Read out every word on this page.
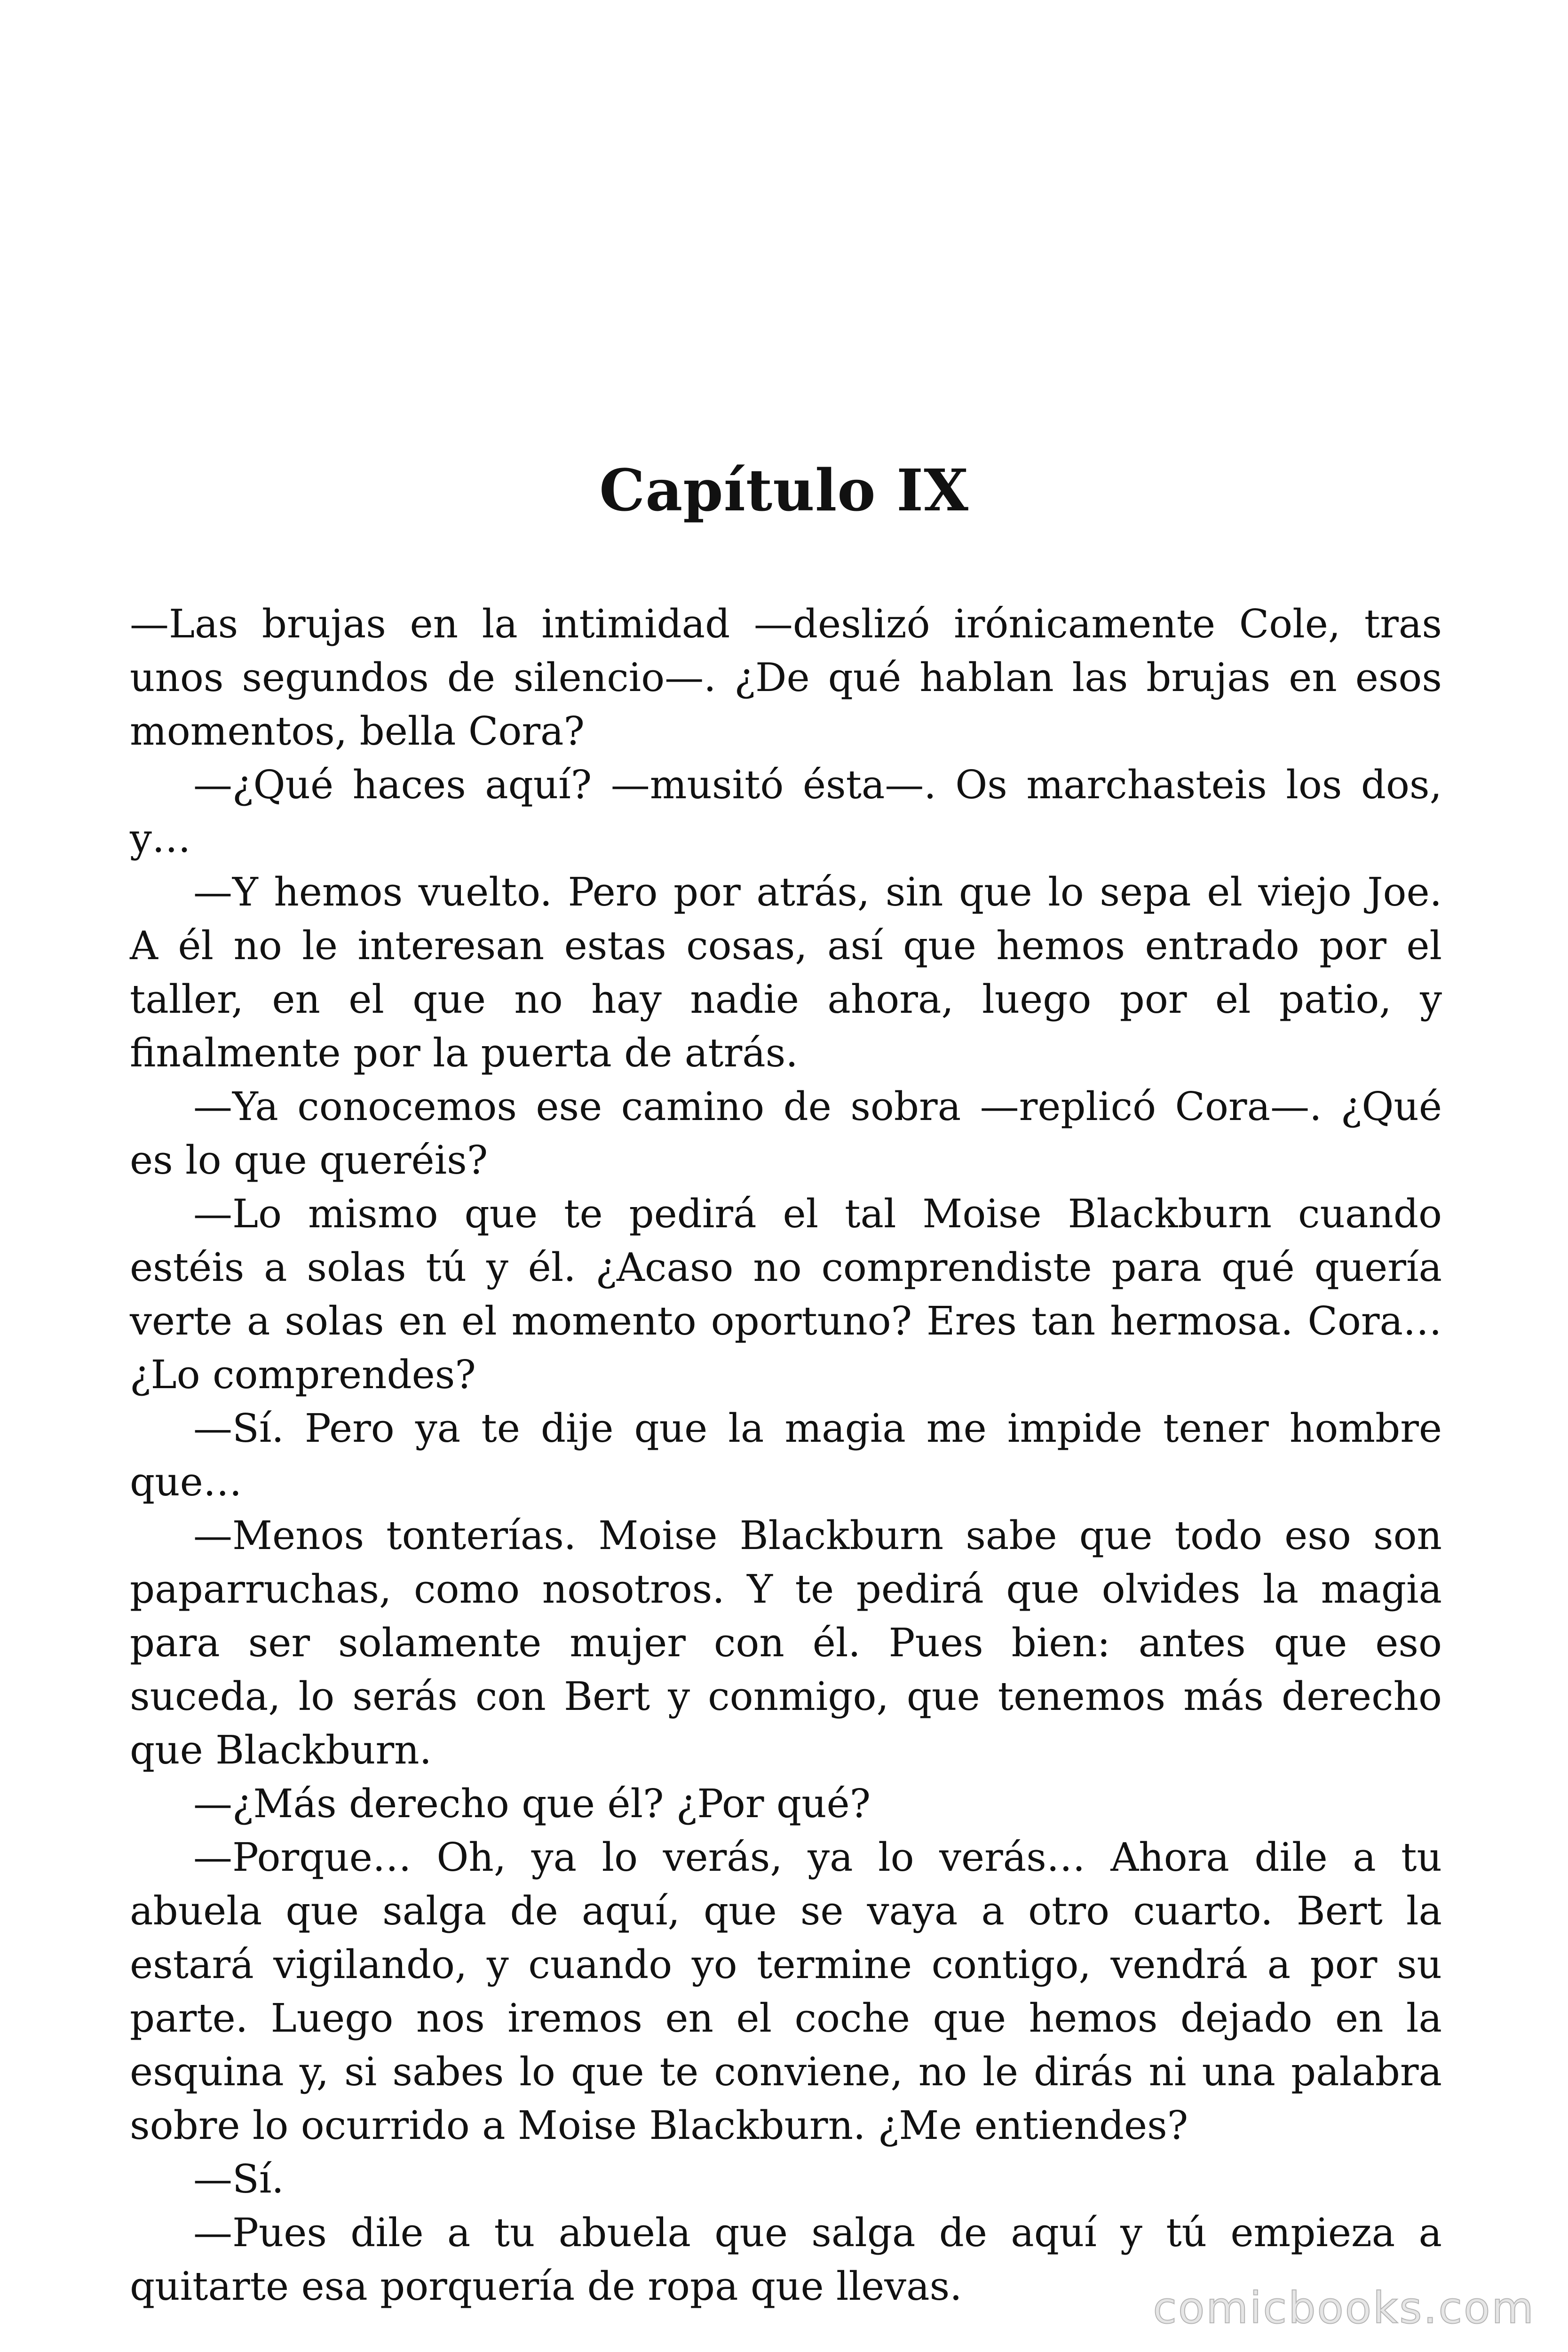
Capítulo IX

—Las brujas en la intimidad —deslizó irónicamente Cole, tras unos segundos de silencio—. ¿De qué hablan las brujas en esos momentos, bella Cora?

—¿Qué haces aquí? —musitó ésta—. Os marchasteis los dos, y…

—Y hemos vuelto. Pero por atrás, sin que lo sepa el viejo Joe. A él no le interesan estas cosas, así que hemos entrado por el taller, en el que no hay nadie ahora, luego por el patio, y finalmente por la puerta de atrás.

—Ya conocemos ese camino de sobra —replicó Cora—. ¿Qué es lo que queréis?

—Lo mismo que te pedirá el tal Moise Blackburn cuando estéis a solas tú y él. ¿Acaso no comprendiste para qué quería verte a solas en el momento oportuno? Eres tan hermosa. Cora… ¿Lo comprendes?

—Sí. Pero ya te dije que la magia me impide tener hombre que…

—Menos tonterías. Moise Blackburn sabe que todo eso son paparruchas, como nosotros. Y te pedirá que olvides la magia para ser solamente mujer con él. Pues bien: antes que eso suceda, lo serás con Bert y conmigo, que tenemos más derecho que Blackburn.

—¿Más derecho que él? ¿Por qué?

—Porque… Oh, ya lo verás, ya lo verás… Ahora dile a tu abuela que salga de aquí, que se vaya a otro cuarto. Bert la estará vigilando, y cuando yo termine contigo, vendrá a por su parte. Luego nos iremos en el coche que hemos dejado en la esquina y, si sabes lo que te conviene, no le dirás ni una palabra sobre lo ocurrido a Moise Blackburn. ¿Me entiendes?

—Sí.

—Pues dile a tu abuela que salga de aquí y tú empieza a quitarte esa porquería de ropa que llevas.	comicbooks.com
